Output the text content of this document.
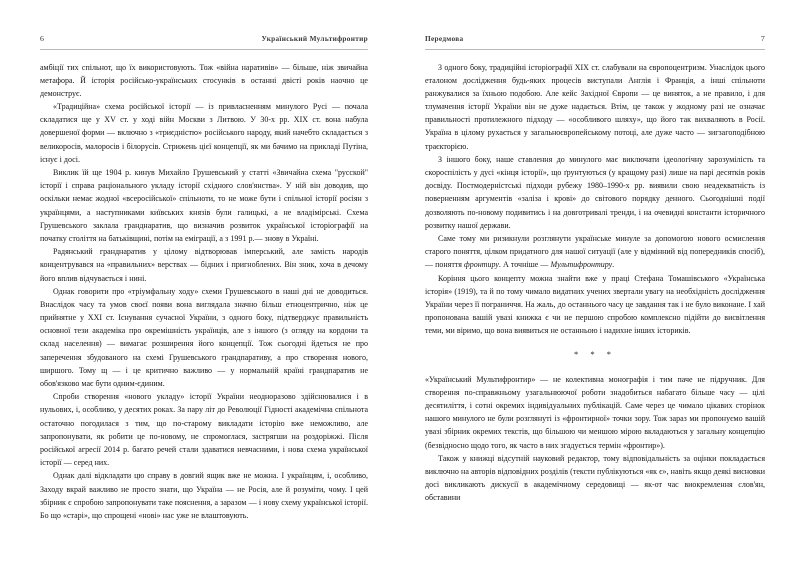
6	Український Мультифронтир

амбіції тих спільнот, що їх використовують. Тож «війна наративів» — більше, ніж звичайна метафора. Й історія російсько-українських стосунків в останні двісті років наочно це демонструє.

«Традиційна» схема російської історії — із привласненням минулого Русі — почала складатися ще у XV ст. у ході війн Москви з Литвою. У 30-х рр. XIX ст. вона набула довершеної форми — включно з «триєдністю» російського народу, який начебто складається з великоросів, малоросів і білорусів. Стрижень цієї концепції, як ми бачимо на прикладі Путіна, існує і досі.

Виклик їй ще 1904 р. кинув Михайло Грушевський у статті «Звичайна схема "русской" історії і справа раціонального укладу історії східного слов'янства». У ній він доводив, що оскільки немає жодної «всеросійської» спільноти, то не може бути і спільної історії росіян з українцями, а наступниками київських князів були галицькі, а не владімірські. Схема Грушевського заклала гранднаратив, що визначив розвиток української історіографії на початку століття на батьківщині, потім на еміграції, а з 1991 р.— знову в Україні.

Радянський гранднаратив у цілому відтворював імперський, але замість народів концентрувався на «правильних» верствах — бідних і пригноблених. Він зник, хоча в дечому його вплив відчувається і нині.

Однак говорити про «тріумфальну ходу» схеми Грушевського в наші дні не доводиться. Внаслідок часу та умов своєї появи вона виглядала значно більш етноцентрично, ніж це прийнятне у XXI ст. Існування сучасної України, з одного боку, підтверджує правильність основної тези академіка про окремішність українців, але з іншого (з огляду на кордони та склад населення) — вимагає розширення його концепції. Тож сьогодні йдеться не про заперечення збудованого на схемі Грушевського грандпаративу, а про створення нового, ширшого. Тому щ — і це критично важливо — у нормальній країні грандпаратив не обов'язково має бути одним-єдиним.

Спроби створення «нового укладу» історії України неодноразово здійснювалися і в нульових, і, особливо, у десятих роках. За пару літ до Революції Гідності академічна спільнота остаточно погодилася з тим, що по-старому викладати історію вже неможливо, але запропонувати, як робити це по-новому, не спромоглася, застрягши на роздоріжжі. Після російської агресії 2014 р. багато речей стали здаватися невчасними, і нова схема української історії — серед них.

Однак далі відкладати цю справу в довгий ящик вже не можна. І українцям, і, особливо, Заходу вкрай важливо не просто знати, що Україна — не Росія, але й розуміти, чому. І цей збірник є спробою запропонувати таке пояснення, а заразом — і нову схему української історії. Бо що «старі», що спрощені «нові» нас уже не влаштовують.

Передмова	7

З одного боку, традиційні історіографії XIX ст. слабували на європоцентризм. Унаслідок цього еталоном дослідження будь-яких процесів виступали Англія і Франція, а інші спільноти ранжувалися за їхньою подобою. Але кейс Західної Європи — це виняток, а не правило, і для тлумачення історії України він не дуже надається. Втім, це також у жодному разі не означає правильності протилежного підходу — «особливого шляху», що його так вихваляють в Росії. Україна в цілому рухається у загальноєвропейському потоці, але дуже часто — зигзагоподібною траєкторією.

З іншого боку, наше ставлення до минулого має виключати ідеологічну зарозумілість та скороспілість у дусі «кінця історії», що ґрунтуються (у кращому разі) лише на парі десятків років досвіду. Постмодерністські підходи рубежу 1980–1990-х рр. виявили свою неадекватність із поверненням аргументів «заліза і крові» до світового порядку денного. Сьогоднішні події дозволяють по-новому подивитись і на довготривалі тренди, і на очевидні константи історичного розвитку нашої держави.

Саме тому ми ризикнули розглянути українське минуле за допомогою нового осмислення старого поняття, цілком придатного для нашої ситуації (але у відмінний від попередників спосіб),— поняття фронтиру. А точніше — Мультифронтиру.

Коріння цього концепту можна знайти вже у праці Стефана Томашівського «Українська історія» (1919), та й по тому чимало видатних учених звертали увагу на необхідність дослідження України через її пограниччя. На жаль, до останнього часу це завдання так і не було виконане. І хай пропонована вашій увазі книжка є чи не першою спробою комплексно підійти до висвітлення теми, ми віримо, що вона виявиться не останньою і надихне інших істориків.

* * *

«Український Мультифронтир» — не колективна монографія і тим паче не підручник. Для створення по-справжньому узагальнюючої роботи знадобиться набагато більше часу — цілі десятиліття, і сотні окремих індивідуальних публікацій. Саме через це чимало цікавих сторінок нашого минулого не були розглянуті із «фронтирної» точки зору. Тож зараз ми пропонуємо вашій увазі збірник окремих текстів, що більшою чи меншою мірою вкладаються у загальну концепцію (безвідносно щодо того, як часто в них згадується термін «фронтир»).

Також у книжці відсутній науковий редактор, тому відповідальність за оцінки покладається виключно на авторів відповідних розділів (тексти публікуються «як є», навіть якщо деякі висновки досі викликають дискусії в академічному середовищі — як-от час виокремлення слов'ян, обставини
